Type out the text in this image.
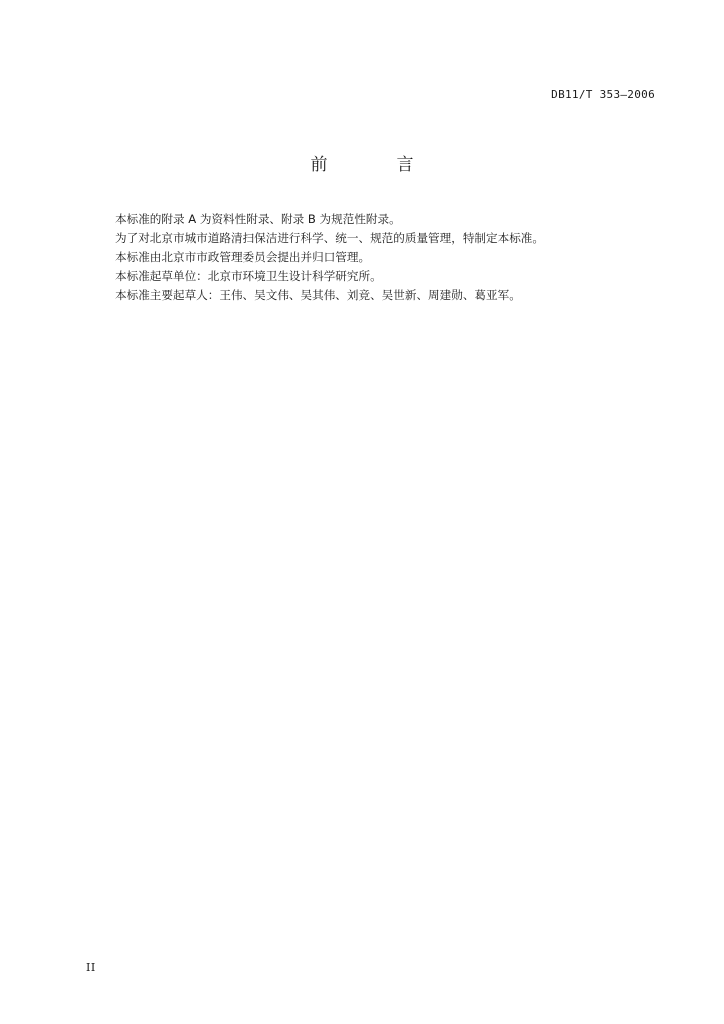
DB11/T 353—2006
前　言
本标准的附录 A 为资料性附录、附录 B 为规范性附录。
为了对北京市城市道路清扫保洁进行科学、统一、规范的质量管理，特制定本标准。
本标准由北京市市政管理委员会提出并归口管理。
本标准起草单位：北京市环境卫生设计科学研究所。
本标准主要起草人：王伟、吴文伟、吴其伟、刘竞、吴世新、周建勋、葛亚军。
II
